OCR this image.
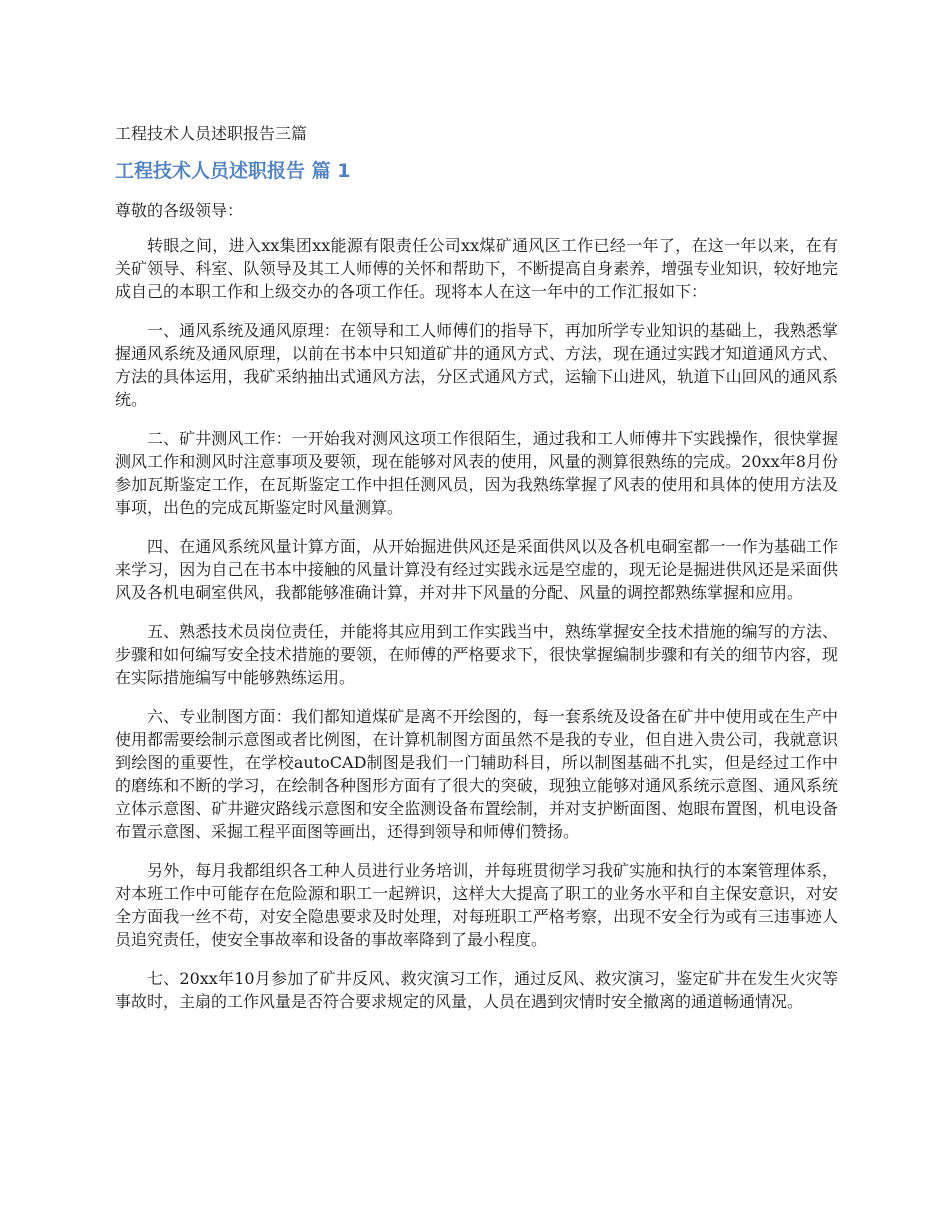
工程技术人员述职报告三篇
工程技术人员述职报告 篇 1
尊敬的各级领导：

转眼之间，进入xx集团xx能源有限责任公司xx煤矿通风区工作已经一年了，在这一年以来，在有关矿领导、科室、队领导及其工人师傅的关怀和帮助下，不断提高自身素养，增强专业知识，较好地完成自己的本职工作和上级交办的各项工作任。现将本人在这一年中的工作汇报如下：

一、通风系统及通风原理：在领导和工人师傅们的指导下，再加所学专业知识的基础上，我熟悉掌握通风系统及通风原理，以前在书本中只知道矿井的通风方式、方法，现在通过实践才知道通风方式、方法的具体运用，我矿采纳抽出式通风方法，分区式通风方式，运输下山进风，轨道下山回风的通风系统。

二、矿井测风工作：一开始我对测风这项工作很陌生，通过我和工人师傅井下实践操作，很快掌握测风工作和测风时注意事项及要领，现在能够对风表的使用，风量的测算很熟练的完成。20xx年8月份参加瓦斯鉴定工作，在瓦斯鉴定工作中担任测风员，因为我熟练掌握了风表的使用和具体的使用方法及事项，出色的完成瓦斯鉴定时风量测算。

四、在通风系统风量计算方面，从开始掘进供风还是采面供风以及各机电硐室都一一作为基础工作来学习，因为自己在书本中接触的风量计算没有经过实践永远是空虚的，现无论是掘进供风还是采面供风及各机电硐室供风，我都能够准确计算，并对井下风量的分配、风量的调控都熟练掌握和应用。

五、熟悉技术员岗位责任，并能将其应用到工作实践当中，熟练掌握安全技术措施的编写的方法、步骤和如何编写安全技术措施的要领，在师傅的严格要求下，很快掌握编制步骤和有关的细节内容，现在实际措施编写中能够熟练运用。

六、专业制图方面：我们都知道煤矿是离不开绘图的，每一套系统及设备在矿井中使用或在生产中使用都需要绘制示意图或者比例图，在计算机制图方面虽然不是我的专业，但自进入贵公司，我就意识到绘图的重要性，在学校autoCAD制图是我们一门辅助科目，所以制图基础不扎实，但是经过工作中的磨练和不断的学习，在绘制各种图形方面有了很大的突破，现独立能够对通风系统示意图、通风系统立体示意图、矿井避灾路线示意图和安全监测设备布置绘制，并对支护断面图、炮眼布置图，机电设备布置示意图、采掘工程平面图等画出，还得到领导和师傅们赞扬。

另外，每月我都组织各工种人员进行业务培训，并每班贯彻学习我矿实施和执行的本案管理体系，对本班工作中可能存在危险源和职工一起辨识，这样大大提高了职工的业务水平和自主保安意识，对安全方面我一丝不苟，对安全隐患要求及时处理，对每班职工严格考察，出现不安全行为或有三违事迹人员追究责任，使安全事故率和设备的事故率降到了最小程度。

七、20xx年10月参加了矿井反风、救灾演习工作，通过反风、救灾演习，鉴定矿井在发生火灾等事故时，主扇的工作风量是否符合要求规定的风量，人员在遇到灾情时安全撤离的通道畅通情况。
